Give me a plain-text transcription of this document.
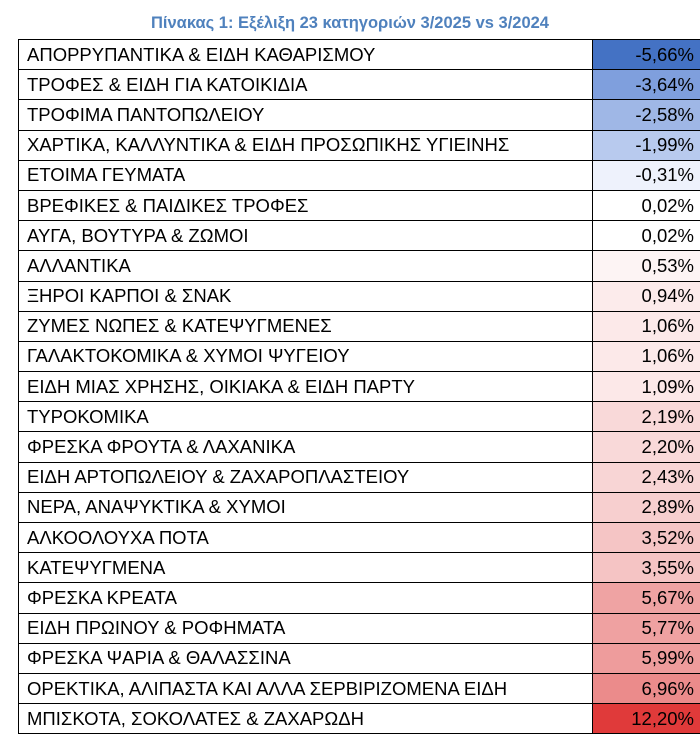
Πίνακας 1: Εξέλιξη 23 κατηγοριών 3/2025 vs 3/2024
ΑΠΟΡΡΥΠΑΝΤΙΚΑ & ΕΙΔΗ ΚΑΘΑΡΙΣΜΟΥ	-5,66%
ΤΡΟΦΕΣ & ΕΙΔΗ ΓΙΑ ΚΑΤΟΙΚΙΔΙΑ	-3,64%
ΤΡΟΦΙΜΑ ΠΑΝΤΟΠΩΛΕΙΟΥ	-2,58%
ΧΑΡΤΙΚΑ, ΚΑΛΛΥΝΤΙΚΑ & ΕΙΔΗ ΠΡΟΣΩΠΙΚΗΣ ΥΓΙΕΙΝΗΣ	-1,99%
ΕΤΟΙΜΑ ΓΕΥΜΑΤΑ	-0,31%
ΒΡΕΦΙΚΕΣ & ΠΑΙΔΙΚΕΣ ΤΡΟΦΕΣ	0,02%
ΑΥΓΑ, ΒΟΥΤΥΡΑ & ΖΩΜΟΙ	0,02%
ΑΛΛΑΝΤΙΚΑ	0,53%
ΞΗΡΟΙ ΚΑΡΠΟΙ & ΣΝΑΚ	0,94%
ΖΥΜΕΣ ΝΩΠΕΣ & ΚΑΤΕΨΥΓΜΕΝΕΣ	1,06%
ΓΑΛΑΚΤΟΚΟΜΙΚΑ & ΧΥΜΟΙ ΨΥΓΕΙΟΥ	1,06%
ΕΙΔΗ ΜΙΑΣ ΧΡΗΣΗΣ, ΟΙΚΙΑΚΑ & ΕΙΔΗ ΠΑΡΤΥ	1,09%
ΤΥΡΟΚΟΜΙΚΑ	2,19%
ΦΡΕΣΚΑ ΦΡΟΥΤΑ & ΛΑΧΑΝΙΚΑ	2,20%
ΕΙΔΗ ΑΡΤΟΠΩΛΕΙΟΥ & ΖΑΧΑΡΟΠΛΑΣΤΕΙΟΥ	2,43%
ΝΕΡΑ, ΑΝΑΨΥΚΤΙΚΑ & ΧΥΜΟΙ	2,89%
ΑΛΚΟΟΛΟΥΧΑ ΠΟΤΑ	3,52%
ΚΑΤΕΨΥΓΜΕΝΑ	3,55%
ΦΡΕΣΚΑ ΚΡΕΑΤΑ	5,67%
ΕΙΔΗ ΠΡΩΙΝΟΥ & ΡΟΦΗΜΑΤΑ	5,77%
ΦΡΕΣΚΑ ΨΑΡΙΑ & ΘΑΛΑΣΣΙΝΑ	5,99%
ΟΡΕΚΤΙΚΑ, ΑΛΙΠΑΣΤΑ ΚΑΙ ΑΛΛΑ ΣΕΡΒΙΡΙΖΟΜΕΝΑ ΕΙΔΗ	6,96%
ΜΠΙΣΚΟΤΑ, ΣΟΚΟΛΑΤΕΣ & ΖΑΧΑΡΩΔΗ	12,20%
